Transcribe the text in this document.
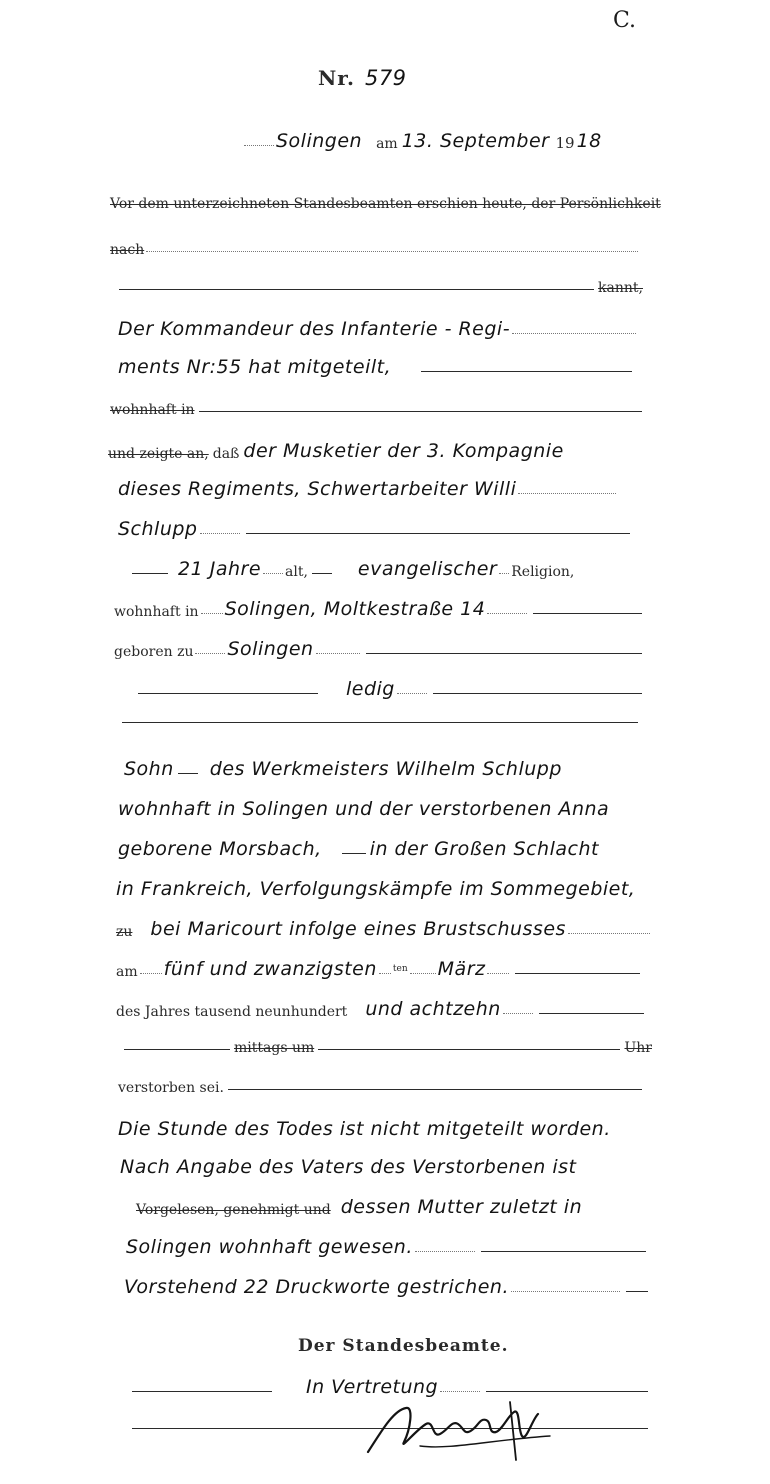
C.
Nr. 579
Solingen am 13. September 19 18
Vor dem unterzeichneten Standesbeamten erschien heute, der Persönlichkeit
nach
kannt,
Der Kommandeur des Infanterie - Regi-
ments Nr:55 hat mitgeteilt,
wohnhaft in
und zeigte an, daß der Musketier der 3. Kompagnie
dieses Regiments, Schwertarbeiter Willi
Schlupp
21 Jahre alt,	evangelischer Religion,
wohnhaft in Solingen, Moltkestraße 14
geboren zu Solingen
ledig
Sohn des Werkmeisters Wilhelm Schlupp
wohnhaft in Solingen und der verstorbenen Anna
geborene Morsbach,	in der Großen Schlacht
in Frankreich, Verfolgungskämpfe im Sommegebiet,
zu bei Maricourt infolge eines Brustschusses
am fünf und zwanzigsten ten März
des Jahres tausend neunhundert und achtzehn
mittags um	Uhr
verstorben sei.
Die Stunde des Todes ist nicht mitgeteilt worden.
Nach Angabe des Vaters des Verstorbenen ist
Vorgelesen, genehmigt und dessen Mutter zuletzt in
Solingen wohnhaft gewesen.
Vorstehend 22 Druckworte gestrichen.
Der Standesbeamte.
In Vertretung
